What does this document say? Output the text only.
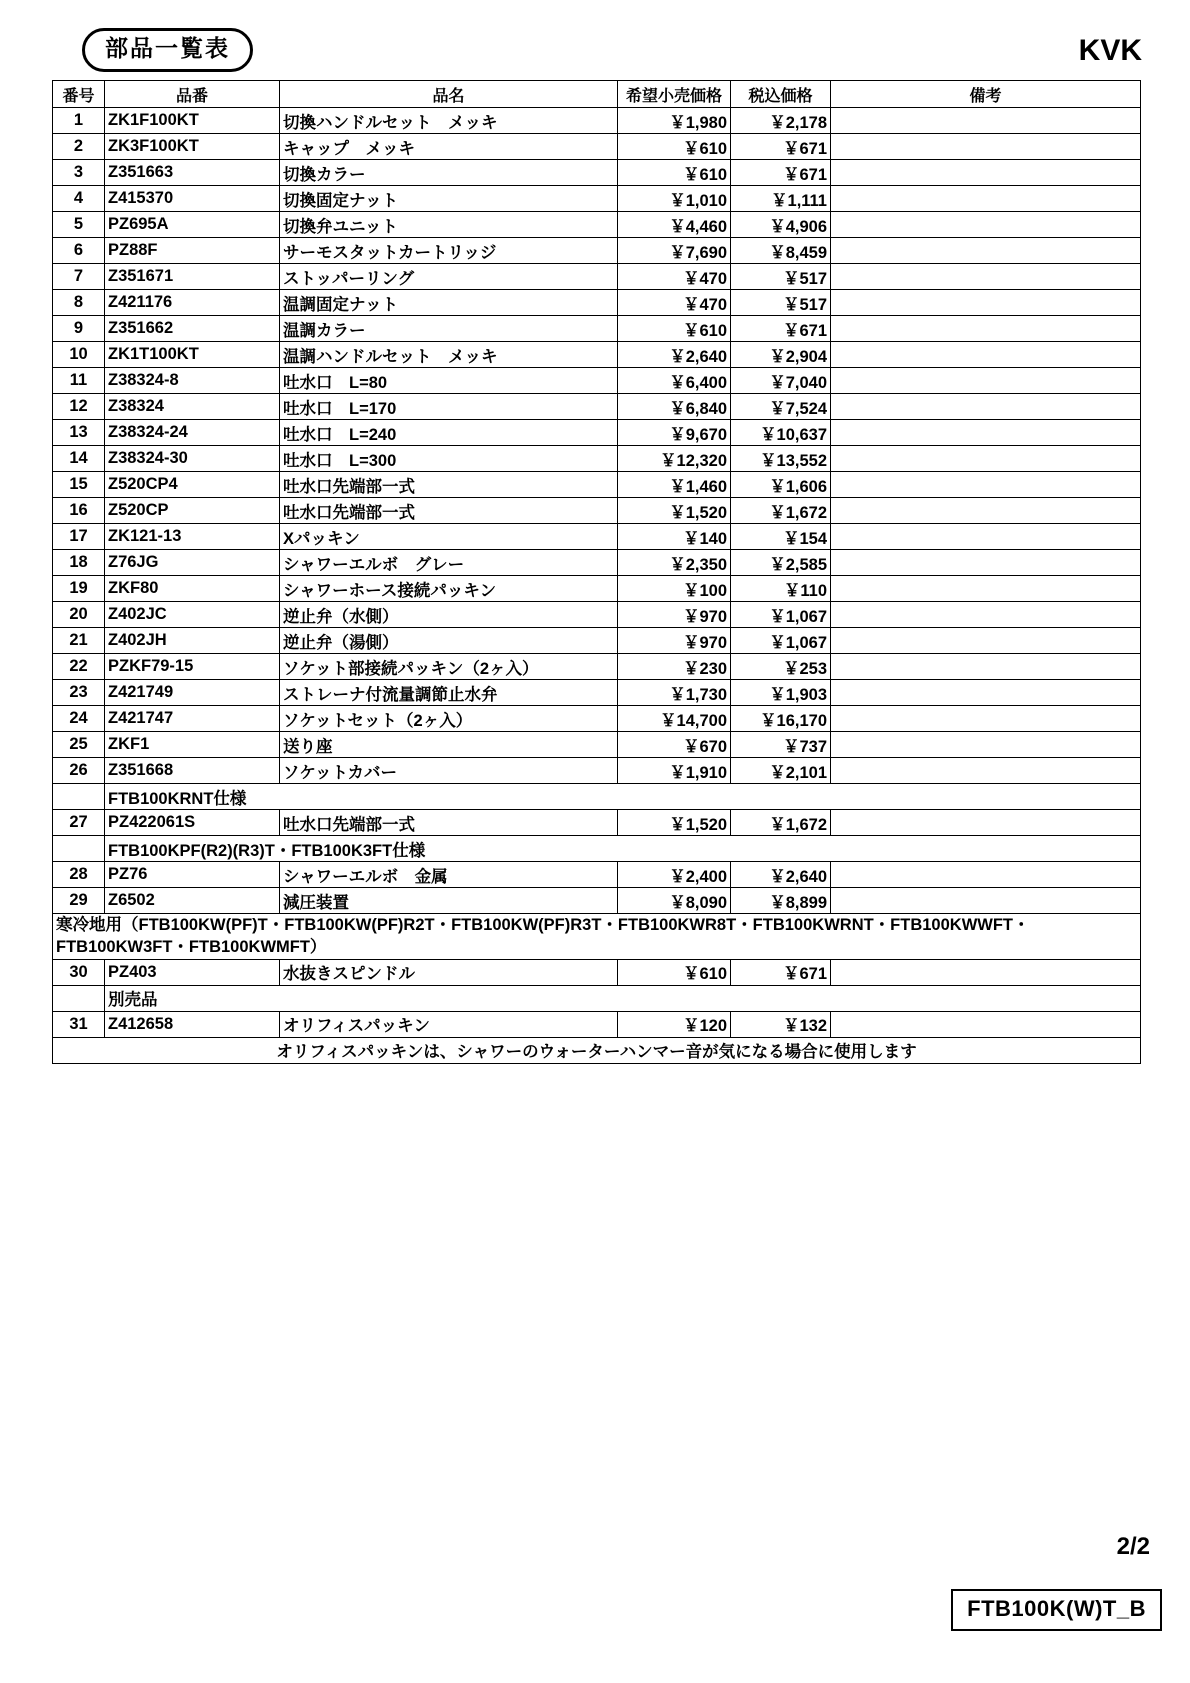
部品一覧表	KVK
番号	品番	品名	希望小売価格	税込価格	備考
1	ZK1F100KT	切換ハンドルセット　メッキ	￥1,980	￥2,178	
2	ZK3F100KT	キャップ　メッキ	￥610	￥671	
3	Z351663	切換カラー	￥610	￥671	
4	Z415370	切換固定ナット	￥1,010	￥1,111	
5	PZ695A	切換弁ユニット	￥4,460	￥4,906	
6	PZ88F	サーモスタットカートリッジ	￥7,690	￥8,459	
7	Z351671	ストッパーリング	￥470	￥517	
8	Z421176	温調固定ナット	￥470	￥517	
9	Z351662	温調カラー	￥610	￥671	
10	ZK1T100KT	温調ハンドルセット　メッキ	￥2,640	￥2,904	
11	Z38324-8	吐水口　L=80	￥6,400	￥7,040	
12	Z38324	吐水口　L=170	￥6,840	￥7,524	
13	Z38324-24	吐水口　L=240	￥9,670	￥10,637	
14	Z38324-30	吐水口　L=300	￥12,320	￥13,552	
15	Z520CP4	吐水口先端部一式	￥1,460	￥1,606	
16	Z520CP	吐水口先端部一式	￥1,520	￥1,672	
17	ZK121-13	Xパッキン	￥140	￥154	
18	Z76JG	シャワーエルボ　グレー	￥2,350	￥2,585	
19	ZKF80	シャワーホース接続パッキン	￥100	￥110	
20	Z402JC	逆止弁（水側）	￥970	￥1,067	
21	Z402JH	逆止弁（湯側）	￥970	￥1,067	
22	PZKF79-15	ソケット部接続パッキン（2ヶ入）	￥230	￥253	
23	Z421749	ストレーナ付流量調節止水弁	￥1,730	￥1,903	
24	Z421747	ソケットセット（2ヶ入）	￥14,700	￥16,170	
25	ZKF1	送り座	￥670	￥737	
26	Z351668	ソケットカバー	￥1,910	￥2,101	
	FTB100KRNT仕様				
27	PZ422061S	吐水口先端部一式	￥1,520	￥1,672	
	FTB100KPF(R2)(R3)T・FTB100K3FT仕様				
28	PZ76	シャワーエルボ　金属	￥2,400	￥2,640	
29	Z6502	減圧装置	￥8,090	￥8,899	
寒冷地用（FTB100KW(PF)T・FTB100KW(PF)R2T・FTB100KW(PF)R3T・FTB100KWR8T・FTB100KWRNT・FTB100KWWFT・FTB100KW3FT・FTB100KWMFT）					
30	PZ403	水抜きスピンドル	￥610	￥671	
	別売品				
31	Z412658	オリフィスパッキン	￥120	￥132	
オリフィスパッキンは、シャワーのウォーターハンマー音が気になる場合に使用します					
2/2
FTB100K(W)T_B
